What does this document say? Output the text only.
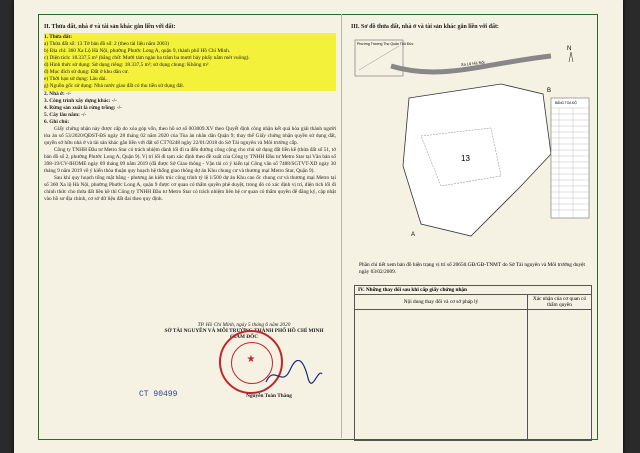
II. Thửa đất, nhà ở và tài sản khác gắn liền với đất:
1. Thửa đất:
a) Thửa đất số: 13 Tờ bản đồ số: 2 (theo tài liệu năm 2003)
b) Địa chỉ: 360 Xa Lộ Hà Nội, phường Phước Long A, quận 9, thành phố Hồ Chí Minh.
c) Diện tích: 18.337,5 m² (bằng chữ: Mười tám ngàn ba trăm ba mươi bảy phẩy năm mét vuông).
d) Hình thức sử dụng: Sử dụng riêng: 18.337,5 m²; sử dụng chung: Không m²
đ) Mục đích sử dụng: Đất ở khu dân cư.
e) Thời hạn sử dụng: Lâu dài.
g) Nguồn gốc sử dụng: Nhà nước giao đất có thu tiền sử dụng đất.
2. Nhà ở: -/-
3. Công trình xây dựng khác: -/-
4. Rừng sản xuất là rừng trồng: -/-
5. Cây lâu năm: -/-
6. Ghi chú:
Giấy chứng nhận này được cấp do xóa góp vốn, theo hồ sơ số 003009.XV theo Quyết định công nhận kết quả hòa giải thành người tòa án số 53/2020/QĐST-ĐS ngày 28 tháng 02 năm 2020 của Tòa án nhân dân Quận 9; thay thế Giấy chứng nhận quyền sử dụng đất, quyền sở hữu nhà ở và tài sản khác gắn liền với đất số CT70248 ngày 22/01/2018 do Sở Tài nguyên và Môi trường cấp.
Công ty TNHH Đầu tư Metro Star có trách nhiệm dành lối đi ra đến đường công cộng cho chủ sử dụng đất liền kề (thửa đất số 51, tờ bản đồ số 2, phường Phước Long A, Quận 9). Vị trí lối đi tạm xác định theo đề xuất của Công ty TNHH Đầu tư Metro Star tại Văn bản số 398-19/CV-IHOME ngày 09 tháng 09 năm 2019 (đã được Sở Giao thông - Vận tải có ý kiến tại Công văn số 7488/SGTVT-XD ngày 30 tháng 9 năm 2019 về ý kiến thỏa thuận quy hoạch hệ thống giao thông dự án Khu chung cư và thương mại Metro Star, Quận 9).
Sau khi quy hoạch tổng mặt bằng - phương án kiến trúc công trình tỷ lệ 1/500 dự án Khu cao ốc chung cư và thương mại Metro tại số 360 Xa lộ Hà Nội, phường Phước Long A, quận 9 được cơ quan có thẩm quyền phê duyệt, trong đó có xác định vị trí, diện tích lối đi chính thức cho thửa đất liền kề thì Công ty TNHH Đầu tư Metro Star có trách nhiệm liên hệ cơ quan có thẩm quyền để đăng ký, cập nhật vào hồ sơ địa chính, cơ sở dữ liệu đất đai theo quy định.
TP. Hồ Chí Minh, ngày 5 tháng 6 năm 2020
SỞ TÀI NGUYÊN VÀ MÔI TRƯỜNG THÀNH PHỐ HỒ CHÍ MINH
GIÁM ĐỐC
★
Nguyễn Toàn Thắng
CT 90499
III. Sơ đồ thửa đất, nhà ở và tài sản khác gắn liền với đất:
Phường Trường Thọ Quận Thủ Đức
Xa Lộ Hà Nội
13
B
A
N
BẢNG TỌA ĐỘ
Phần chi tiết xem bản đồ hiện trạng vị trí số 20650.GĐ/GĐ-TNMT do Sở Tài nguyên và Môi trường duyệt ngày 03/02/2009.
IV. Những thay đổi sau khi cấp giấy chứng nhận	
Nội dung thay đổi và cơ sở pháp lý	Xác nhận của cơ quan có thẩm quyền
